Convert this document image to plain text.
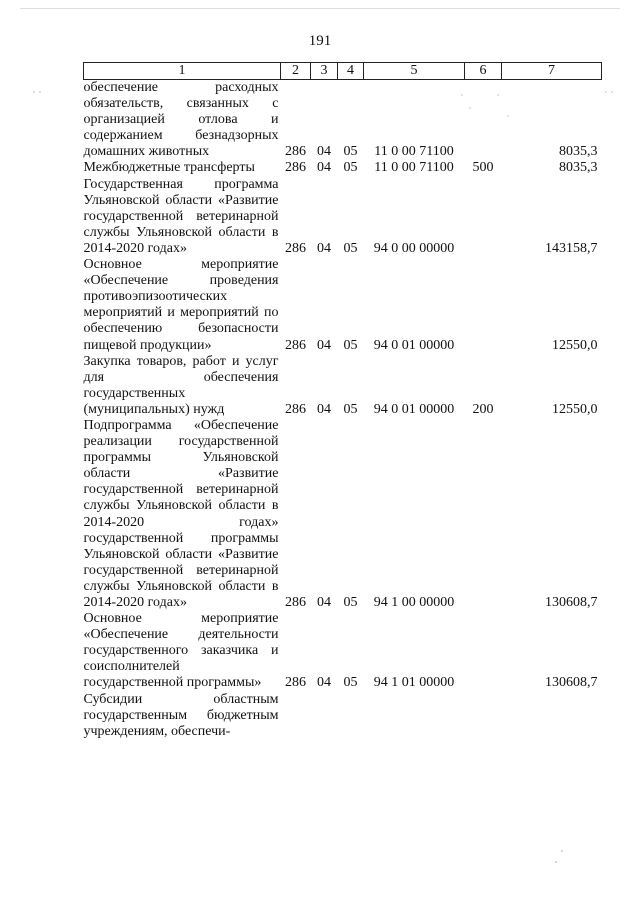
191
1	2	3	4	5	6	7
обеспечение расходных обязательств, связанных с организацией отлова и содержанием безнадзорных домашних животных	286	04	05	11 0 00 71100		8035,3
Межбюджетные трансферты	286	04	05	11 0 00 71100	500	8035,3
Государственная программа Ульяновской области «Развитие государственной ветеринарной службы Ульяновской области в 2014-2020 годах»	286	04	05	94 0 00 00000		143158,7
Основное мероприятие «Обеспечение проведения противоэпизоотических мероприятий и мероприятий по обеспечению безопасности пищевой продукции»	286	04	05	94 0 01 00000		12550,0
Закупка товаров, работ и услуг для обеспечения государственных (муниципальных) нужд	286	04	05	94 0 01 00000	200	12550,0
Подпрограмма «Обеспечение реализации государственной программы Ульяновской области «Развитие государственной ветеринарной службы Ульяновской области в 2014-2020 годах» государственной программы Ульяновской области «Развитие государственной ветеринарной службы Ульяновской области в 2014-2020 годах»	286	04	05	94 1 00 00000		130608,7
Основное мероприятие «Обеспечение деятельности государственного заказчика и соисполнителей государственной программы»	286	04	05	94 1 01 00000		130608,7
Субсидии областным государственным бюджетным учреждениям, обеспечи-						
